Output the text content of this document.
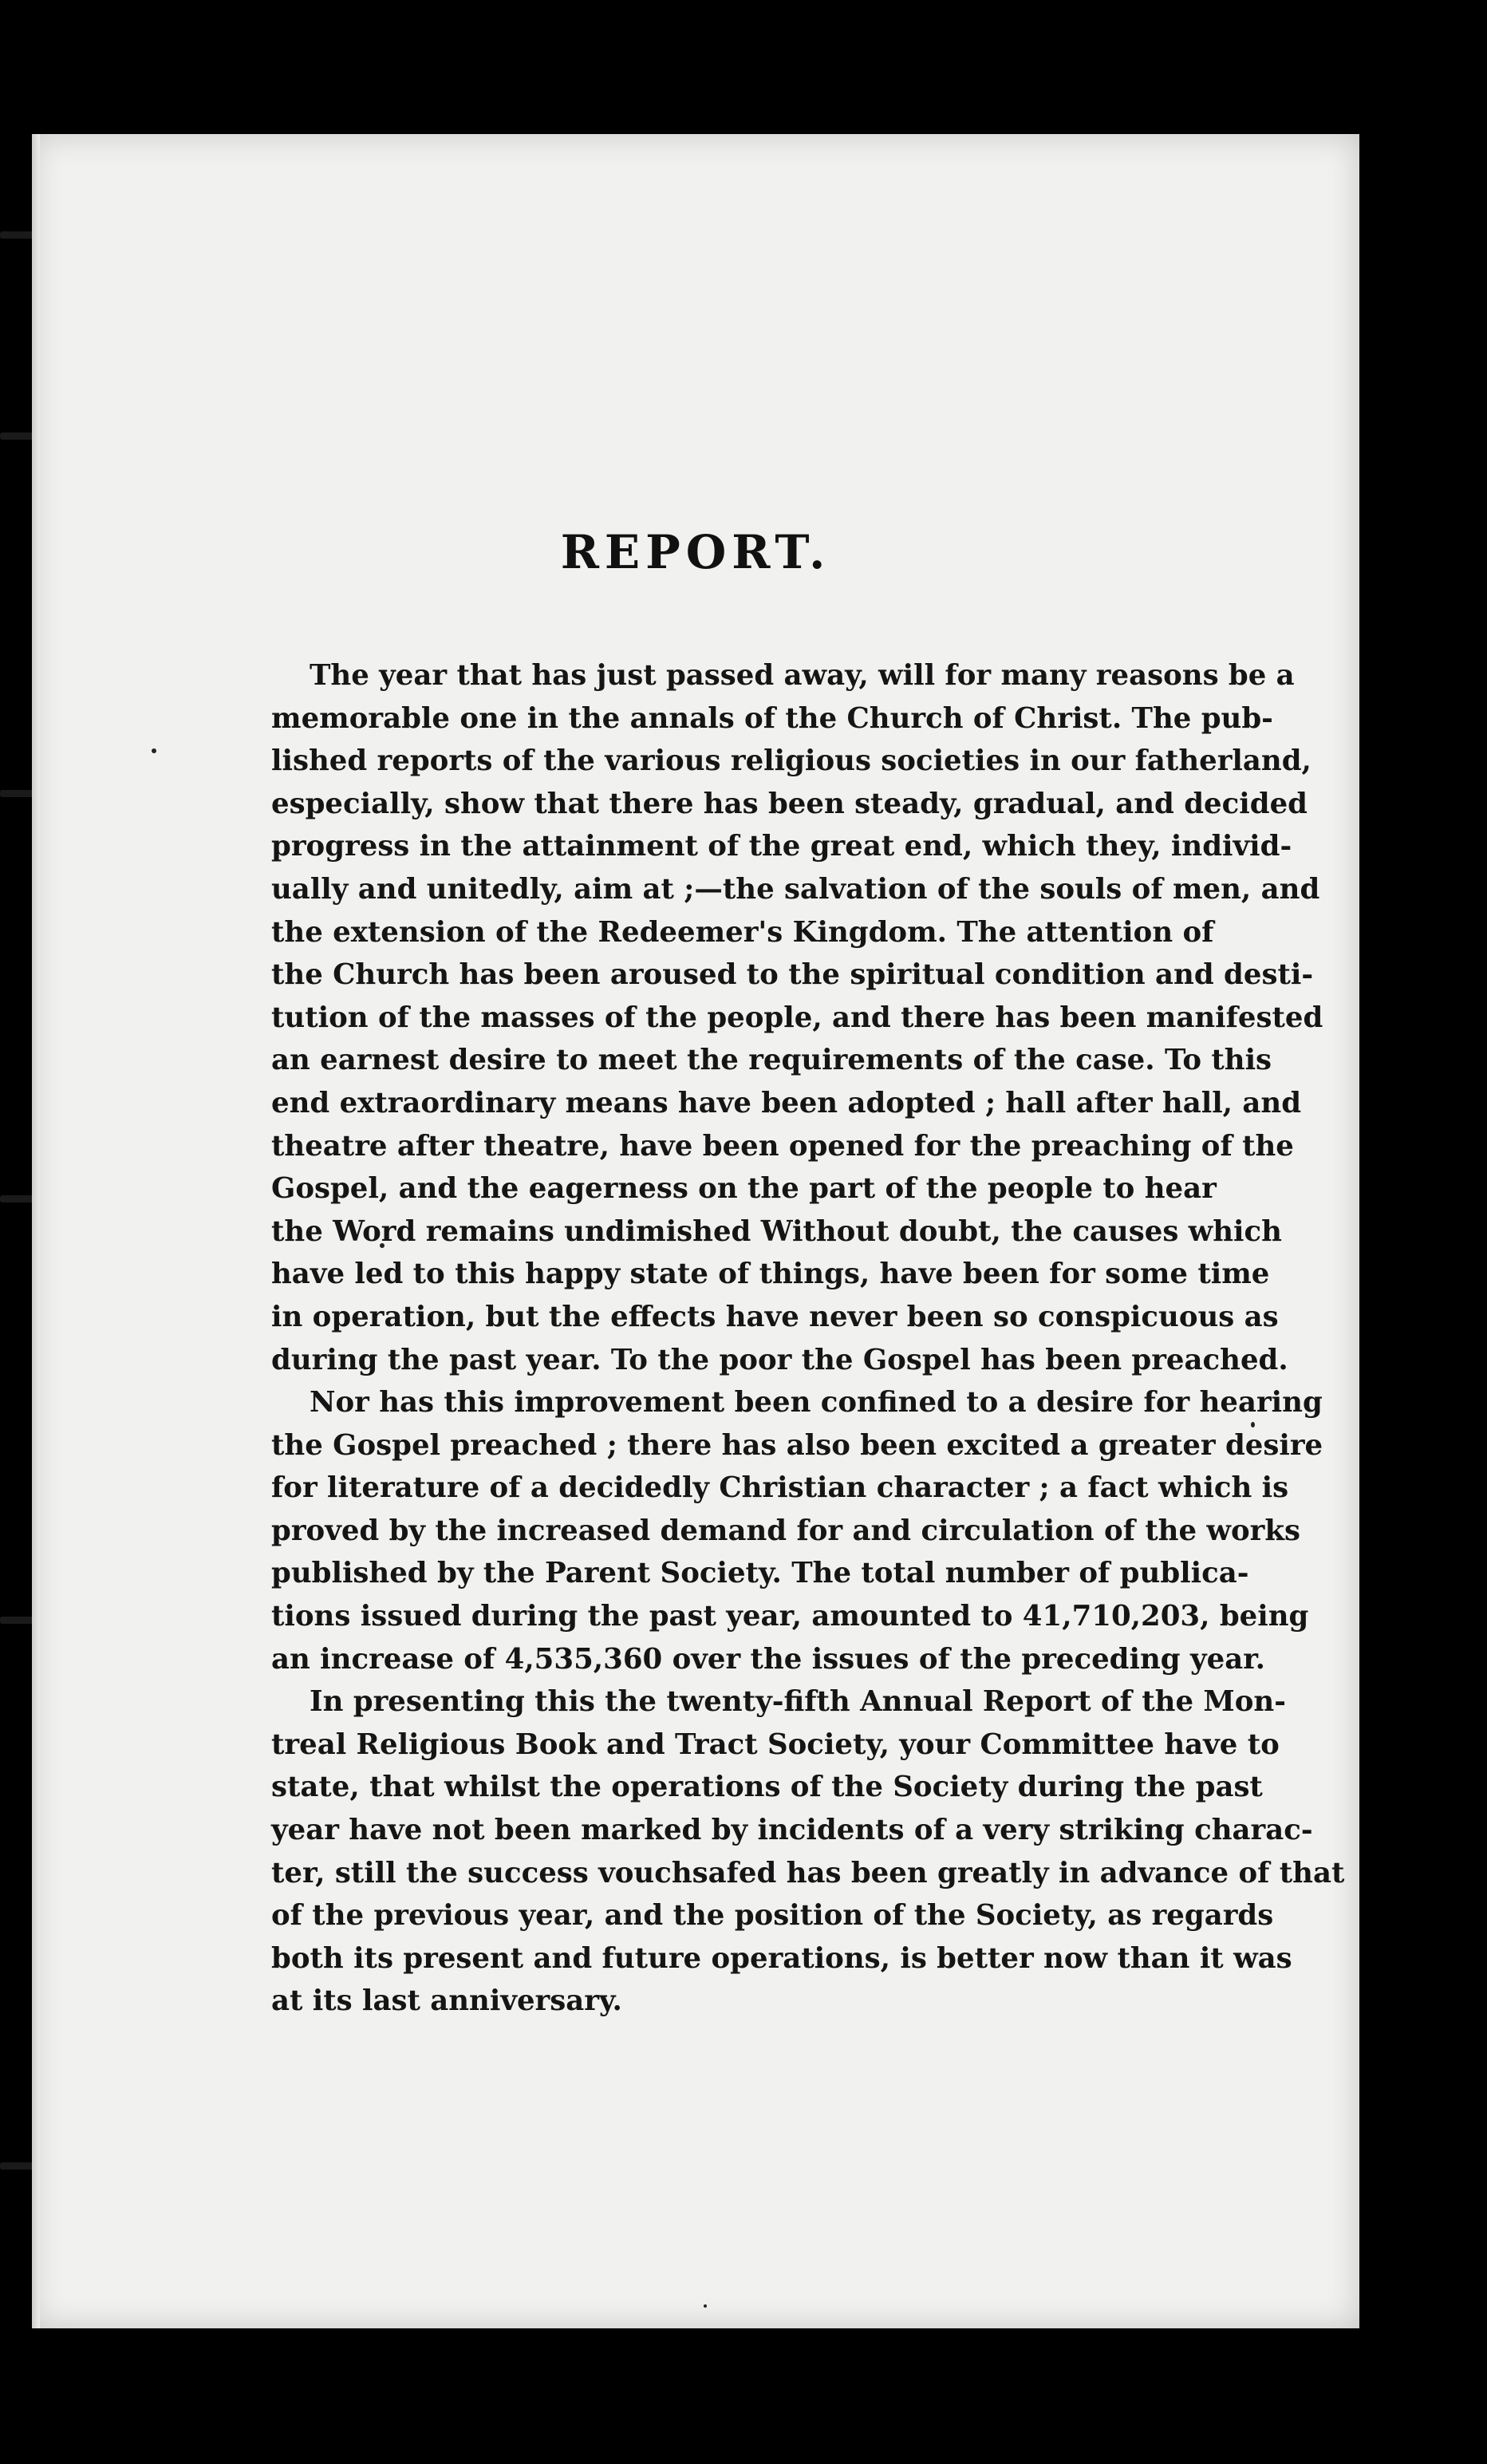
REPORT.
The year that has just passed away, will for many reasons be a
memorable one in the annals of the Church of Christ. The pub-
lished reports of the various religious societies in our fatherland,
especially, show that there has been steady, gradual, and decided
progress in the attainment of the great end, which they, individ-
ually and unitedly, aim at ;—the salvation of the souls of men, and
the extension of the Redeemer's Kingdom. The attention of
the Church has been aroused to the spiritual condition and desti-
tution of the masses of the people, and there has been manifested
an earnest desire to meet the requirements of the case. To this
end extraordinary means have been adopted ; hall after hall, and
theatre after theatre, have been opened for the preaching of the
Gospel, and the eagerness on the part of the people to hear
the Word remains undimished Without doubt, the causes which
have led to this happy state of things, have been for some time
in operation, but the effects have never been so conspicuous as
during the past year. To the poor the Gospel has been preached.
Nor has this improvement been confined to a desire for hearing
the Gospel preached ; there has also been excited a greater desire
for literature of a decidedly Christian character ; a fact which is
proved by the increased demand for and circulation of the works
published by the Parent Society. The total number of publica-
tions issued during the past year, amounted to 41,710,203, being
an increase of 4,535,360 over the issues of the preceding year.
In presenting this the twenty-fifth Annual Report of the Mon-
treal Religious Book and Tract Society, your Committee have to
state, that whilst the operations of the Society during the past
year have not been marked by incidents of a very striking charac-
ter, still the success vouchsafed has been greatly in advance of that
of the previous year, and the position of the Society, as regards
both its present and future operations, is better now than it was
at its last anniversary.
